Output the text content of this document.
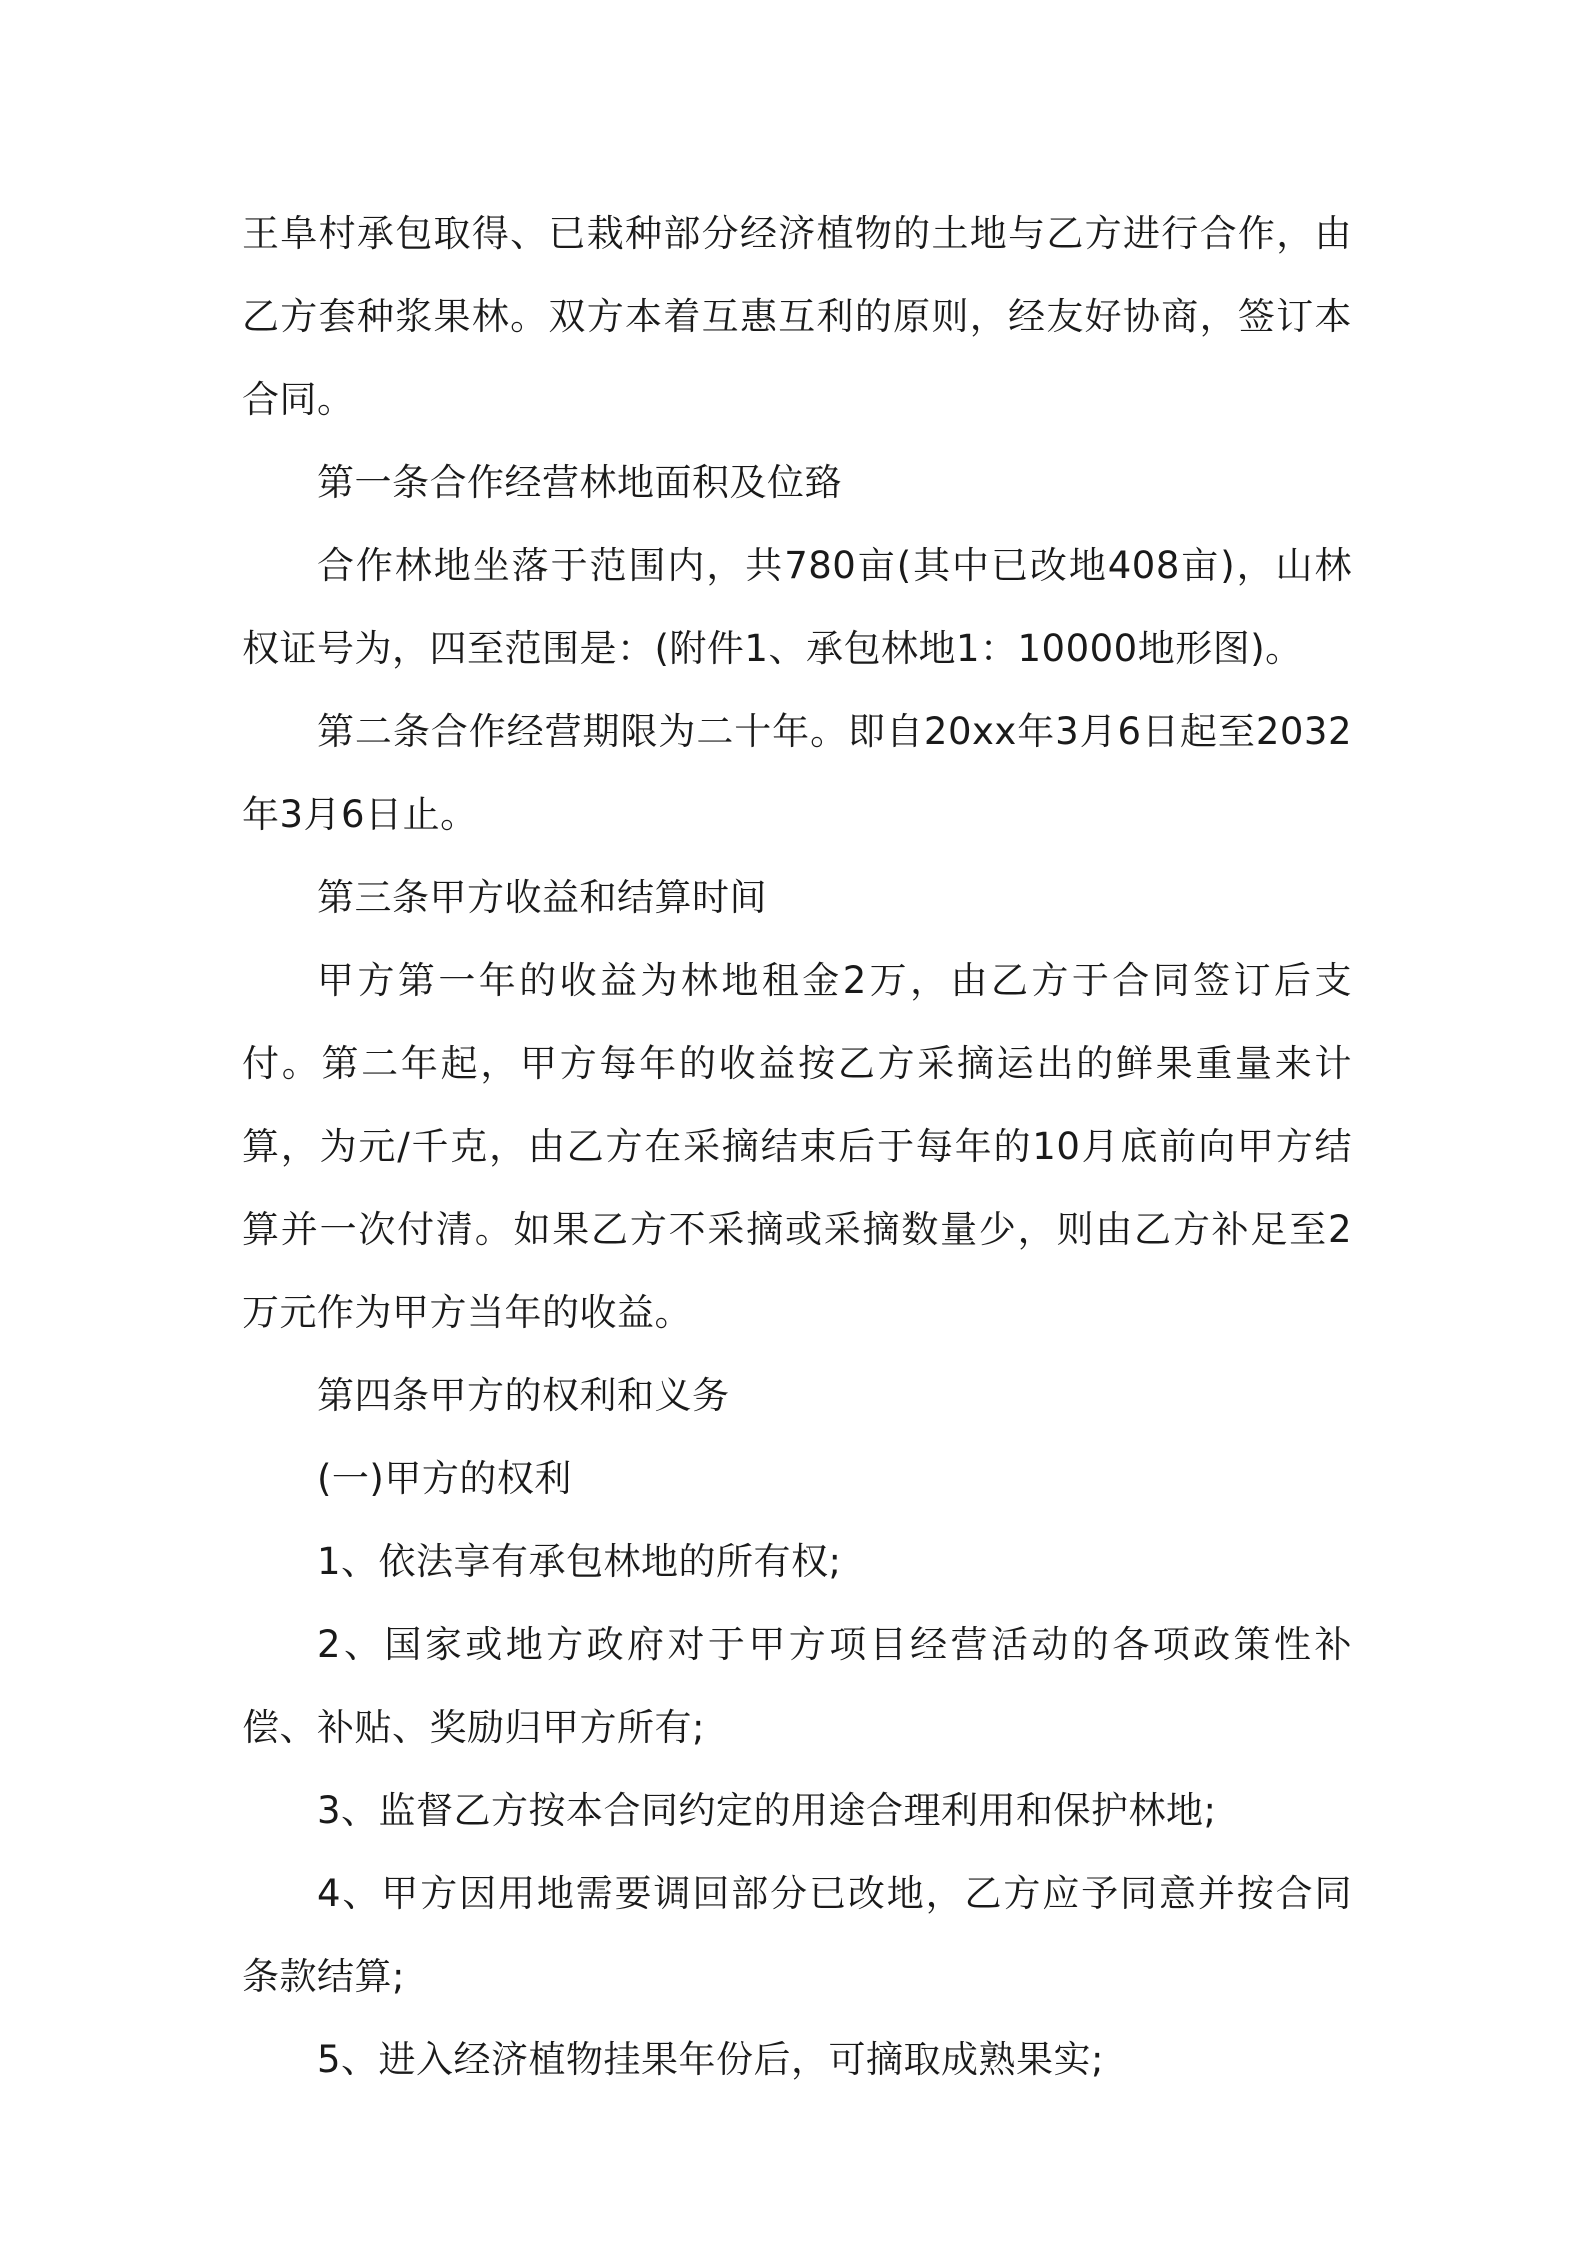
王阜村承包取得、已栽种部分经济植物的土地与乙方进行合作，由乙方套种浆果林。双方本着互惠互利的原则，经友好协商，签订本合同。

第一条合作经营林地面积及位臵

合作林地坐落于范围内，共780亩(其中已改地408亩)，山林权证号为，四至范围是：(附件1、承包林地1：10000地形图)。

第二条合作经营期限为二十年。即自20xx年3月6日起至2032年3月6日止。

第三条甲方收益和结算时间

甲方第一年的收益为林地租金2万，由乙方于合同签订后支付。第二年起，甲方每年的收益按乙方采摘运出的鲜果重量来计算，为元/千克，由乙方在采摘结束后于每年的10月底前向甲方结算并一次付清。如果乙方不采摘或采摘数量少，则由乙方补足至2万元作为甲方当年的收益。

第四条甲方的权利和义务

(一)甲方的权利

1、依法享有承包林地的所有权;

2、国家或地方政府对于甲方项目经营活动的各项政策性补偿、补贴、奖励归甲方所有;

3、监督乙方按本合同约定的用途合理利用和保护林地;

4、甲方因用地需要调回部分已改地，乙方应予同意并按合同条款结算;

5、进入经济植物挂果年份后，可摘取成熟果实;
